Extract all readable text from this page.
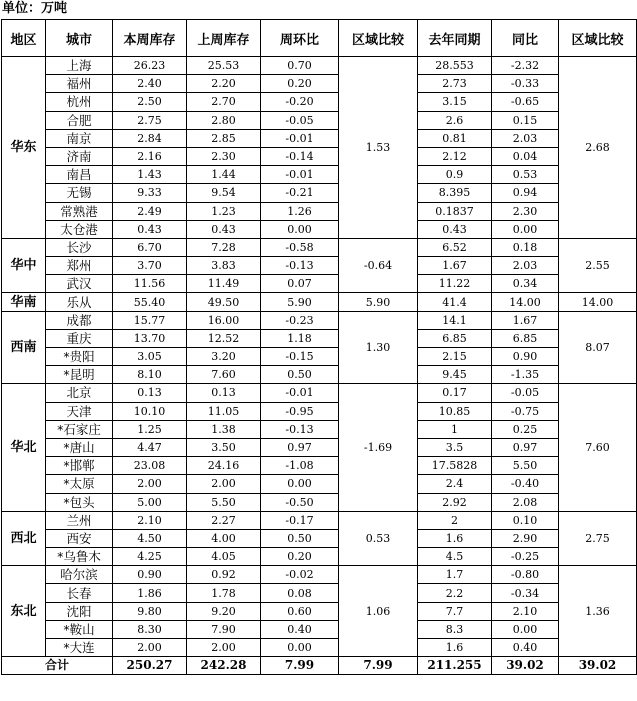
单位：万吨
地区	城市	本周库存	上周库存	周环比	区域比较	去年同期	同比	区域比较
华东	上海	26.23	25.53	0.70	1.53	28.553	-2.32	2.68
	福州	2.40	2.20	0.20		2.73	-0.33	
	杭州	2.50	2.70	-0.20		3.15	-0.65	
	合肥	2.75	2.80	-0.05		2.6	0.15	
	南京	2.84	2.85	-0.01		0.81	2.03	
	济南	2.16	2.30	-0.14		2.12	0.04	
	南昌	1.43	1.44	-0.01		0.9	0.53	
	无锡	9.33	9.54	-0.21		8.395	0.94	
	常熟港	2.49	1.23	1.26		0.1837	2.30	
	太仓港	0.43	0.43	0.00		0.43	0.00	
华中	长沙	6.70	7.28	-0.58	-0.64	6.52	0.18	2.55
	郑州	3.70	3.83	-0.13		1.67	2.03	
	武汉	11.56	11.49	0.07		11.22	0.34	
华南	乐从	55.40	49.50	5.90	5.90	41.4	14.00	14.00
西南	成都	15.77	16.00	-0.23	1.30	14.1	1.67	8.07
	重庆	13.70	12.52	1.18		6.85	6.85	
	*贵阳	3.05	3.20	-0.15		2.15	0.90	
	*昆明	8.10	7.60	0.50		9.45	-1.35	
华北	北京	0.13	0.13	-0.01	-1.69	0.17	-0.05	7.60
	天津	10.10	11.05	-0.95		10.85	-0.75	
	*石家庄	1.25	1.38	-0.13		1	0.25	
	*唐山	4.47	3.50	0.97		3.5	0.97	
	*邯郸	23.08	24.16	-1.08		17.5828	5.50	
	*太原	2.00	2.00	0.00		2.4	-0.40	
	*包头	5.00	5.50	-0.50		2.92	2.08	
西北	兰州	2.10	2.27	-0.17	0.53	2	0.10	2.75
	西安	4.50	4.00	0.50		1.6	2.90	
	*乌鲁木	4.25	4.05	0.20		4.5	-0.25	
东北	哈尔滨	0.90	0.92	-0.02	1.06	1.7	-0.80	1.36
	长春	1.86	1.78	0.08		2.2	-0.34	
	沈阳	9.80	9.20	0.60		7.7	2.10	
	*鞍山	8.30	7.90	0.40		8.3	0.00	
	*大连	2.00	2.00	0.00		1.6	0.40	
合计		250.27	242.28	7.99	7.99	211.255	39.02	39.02
